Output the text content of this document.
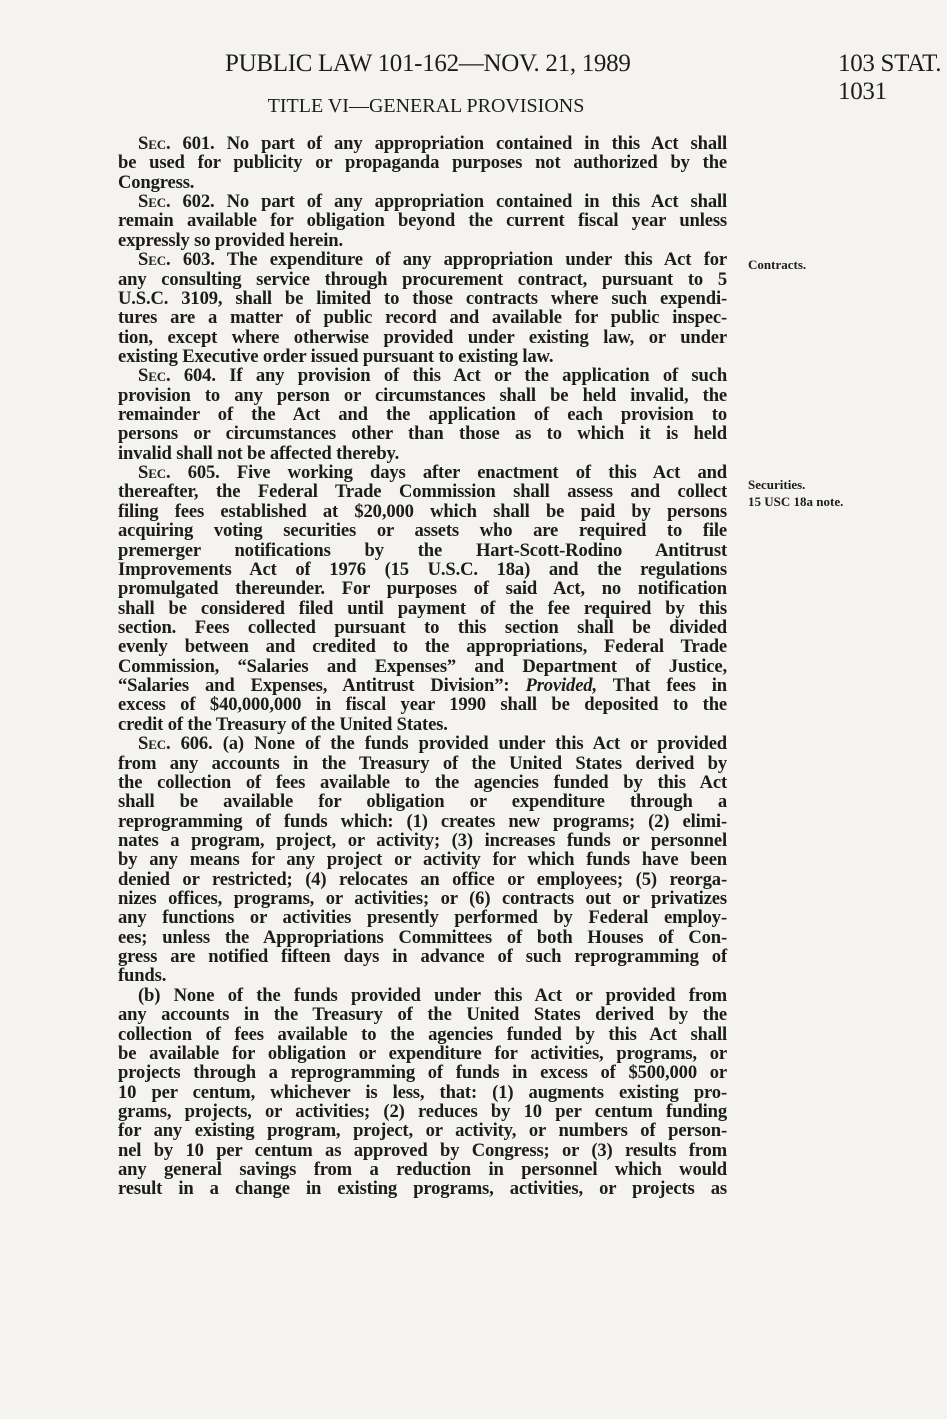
PUBLIC LAW 101-162—NOV. 21, 1989	103 STAT. 1031
TITLE VI—GENERAL PROVISIONS
Sec. 601. No part of any appropriation contained in this Act shall
be used for publicity or propaganda purposes not authorized by the
Congress.
Sec. 602. No part of any appropriation contained in this Act shall
remain available for obligation beyond the current fiscal year unless
expressly so provided herein.
Sec. 603. The expenditure of any appropriation under this Act for
any consulting service through procurement contract, pursuant to 5
U.S.C. 3109, shall be limited to those contracts where such expendi-
tures are a matter of public record and available for public inspec-
tion, except where otherwise provided under existing law, or under
existing Executive order issued pursuant to existing law.
Sec. 604. If any provision of this Act or the application of such
provision to any person or circumstances shall be held invalid, the
remainder of the Act and the application of each provision to
persons or circumstances other than those as to which it is held
invalid shall not be affected thereby.
Sec. 605. Five working days after enactment of this Act and
thereafter, the Federal Trade Commission shall assess and collect
filing fees established at $20,000 which shall be paid by persons
acquiring voting securities or assets who are required to file
premerger notifications by the Hart-Scott-Rodino Antitrust
Improvements Act of 1976 (15 U.S.C. 18a) and the regulations
promulgated thereunder. For purposes of said Act, no notification
shall be considered filed until payment of the fee required by this
section. Fees collected pursuant to this section shall be divided
evenly between and credited to the appropriations, Federal Trade
Commission, “Salaries and Expenses” and Department of Justice,
“Salaries and Expenses, Antitrust Division”: Provided, That fees in
excess of $40,000,000 in fiscal year 1990 shall be deposited to the
credit of the Treasury of the United States.
Sec. 606. (a) None of the funds provided under this Act or provided
from any accounts in the Treasury of the United States derived by
the collection of fees available to the agencies funded by this Act
shall be available for obligation or expenditure through a
reprogramming of funds which: (1) creates new programs; (2) elimi-
nates a program, project, or activity; (3) increases funds or personnel
by any means for any project or activity for which funds have been
denied or restricted; (4) relocates an office or employees; (5) reorga-
nizes offices, programs, or activities; or (6) contracts out or privatizes
any functions or activities presently performed by Federal employ-
ees; unless the Appropriations Committees of both Houses of Con-
gress are notified fifteen days in advance of such reprogramming of
funds.
(b) None of the funds provided under this Act or provided from
any accounts in the Treasury of the United States derived by the
collection of fees available to the agencies funded by this Act shall
be available for obligation or expenditure for activities, programs, or
projects through a reprogramming of funds in excess of $500,000 or
10 per centum, whichever is less, that: (1) augments existing pro-
grams, projects, or activities; (2) reduces by 10 per centum funding
for any existing program, project, or activity, or numbers of person-
nel by 10 per centum as approved by Congress; or (3) results from
any general savings from a reduction in personnel which would
result in a change in existing programs, activities, or projects as
Contracts.
Securities.
15 USC 18a note.
